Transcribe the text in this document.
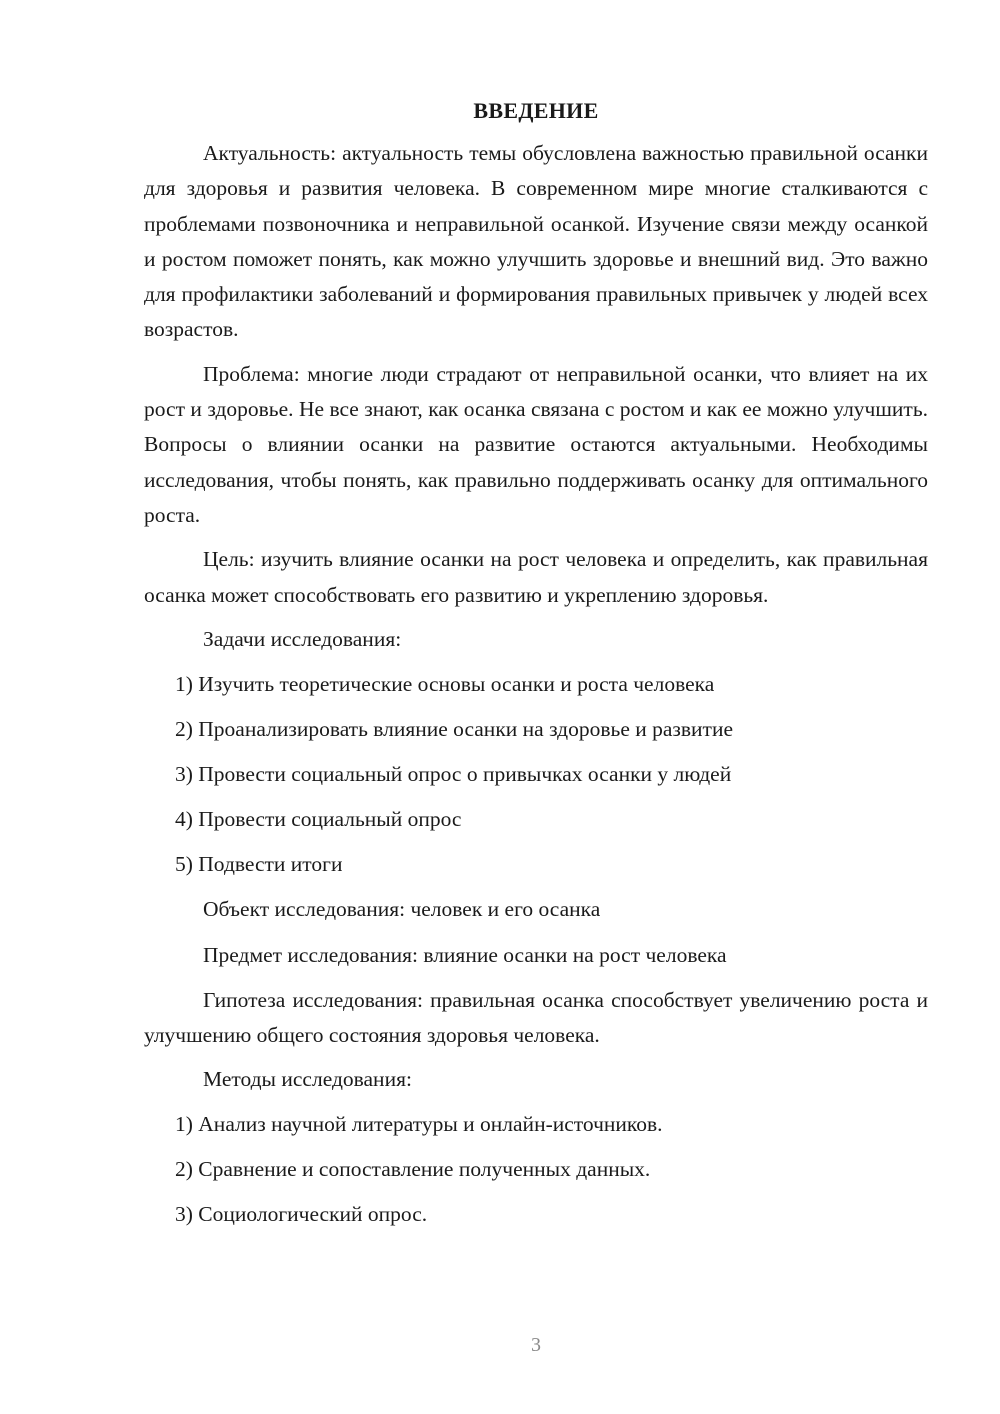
ВВЕДЕНИЕ
Актуальность: актуальность темы обусловлена важностью правильной осанки для здоровья и развития человека. В современном мире многие сталкиваются с проблемами позвоночника и неправильной осанкой. Изучение связи между осанкой и ростом поможет понять, как можно улучшить здоровье и внешний вид. Это важно для профилактики заболеваний и формирования правильных привычек у людей всех возрастов.
Проблема: многие люди страдают от неправильной осанки, что влияет на их рост и здоровье. Не все знают, как осанка связана с ростом и как ее можно улучшить. Вопросы о влиянии осанки на развитие остаются актуальными. Необходимы исследования, чтобы понять, как правильно поддерживать осанку для оптимального роста.
Цель: изучить влияние осанки на рост человека и определить, как правильная осанка может способствовать его развитию и укреплению здоровья.
Задачи исследования:
1) Изучить теоретические основы осанки и роста человека
2) Проанализировать влияние осанки на здоровье и развитие
3) Провести социальный опрос о привычках осанки у людей
4) Провести социальный опрос
5) Подвести итоги
Объект исследования: человек и его осанка
Предмет исследования: влияние осанки на рост человека
Гипотеза исследования: правильная осанка способствует увеличению роста и улучшению общего состояния здоровья человека.
Методы исследования:
1) Анализ научной литературы и онлайн-источников.
2) Сравнение и сопоставление полученных данных.
3) Социологический опрос.
3
